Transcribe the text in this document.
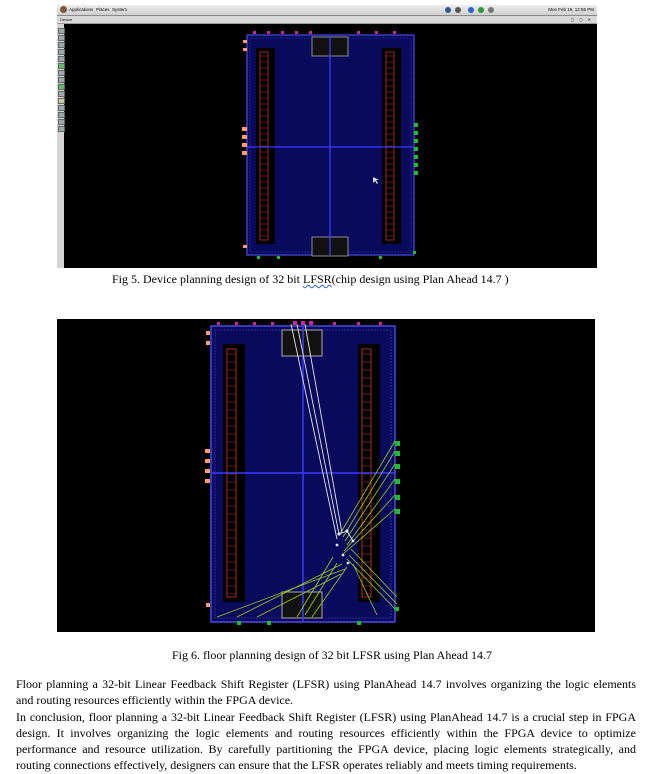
Applications Places System	Mon Feb 19, 12:55 PM
Device	◻ ◻ ✕
Fig 5. Device planning design of 32 bit LFSR(chip design using Plan Ahead 14.7 )
Fig 6. floor planning design of 32 bit LFSR using Plan Ahead 14.7

Floor planning a 32-bit Linear Feedback Shift Register (LFSR) using PlanAhead 14.7 involves organizing the logic elements and routing resources efficiently within the FPGA device.

In conclusion, floor planning a 32-bit Linear Feedback Shift Register (LFSR) using PlanAhead 14.7 is a crucial step in FPGA design. It involves organizing the logic elements and routing resources efficiently within the FPGA device to optimize performance and resource utilization. By carefully partitioning the FPGA device, placing logic elements strategically, and routing connections effectively, designers can ensure that the LFSR operates reliably and meets timing requirements.
